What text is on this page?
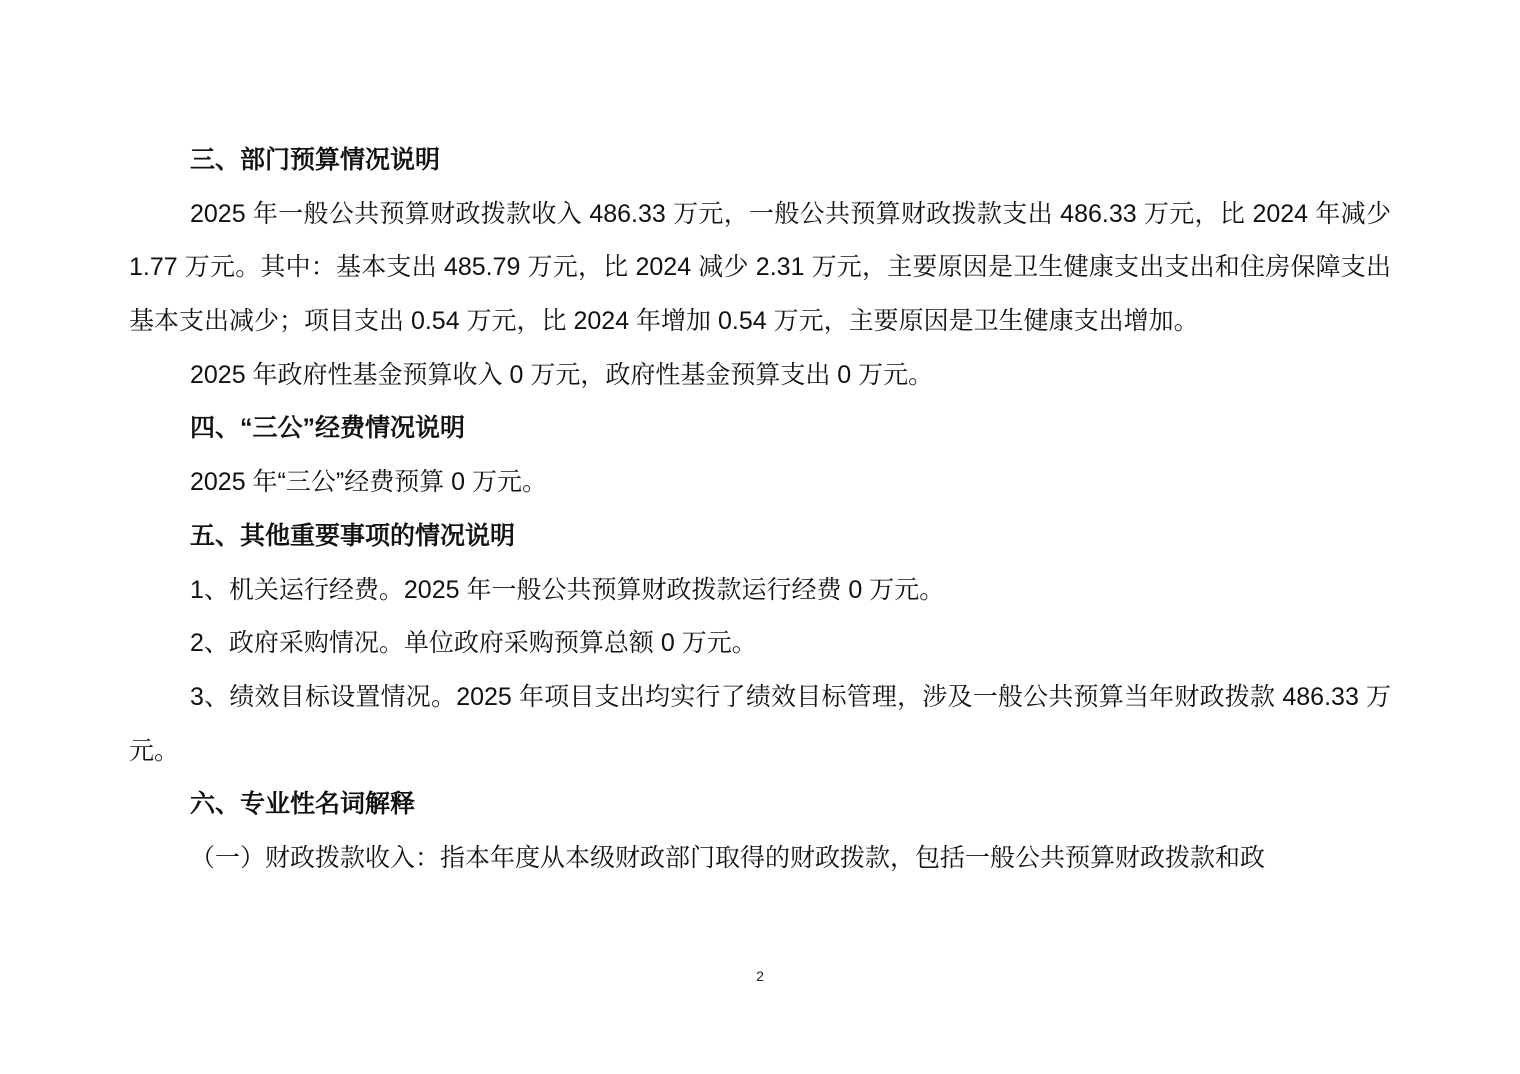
三、部门预算情况说明

2025 年一般公共预算财政拨款收入 486.33 万元，一般公共预算财政拨款支出 486.33 万元，比 2024 年减少 1.77 万元。其中：基本支出 485.79 万元，比 2024 减少 2.31 万元，主要原因是卫生健康支出支出和住房保障支出基本支出减少；项目支出 0.54 万元，比 2024 年增加 0.54 万元，主要原因是卫生健康支出增加。

2025 年政府性基金预算收入 0 万元，政府性基金预算支出 0 万元。
四、“三公”经费情况说明
2025 年“三公”经费预算 0 万元。
五、其他重要事项的情况说明
1、机关运行经费。2025 年一般公共预算财政拨款运行经费 0 万元。
2、政府采购情况。单位政府采购预算总额 0 万元。

3、绩效目标设置情况。2025 年项目支出均实行了绩效目标管理，涉及一般公共预算当年财政拨款 486.33 万元。

六、专业性名词解释
（一）财政拨款收入：指本年度从本级财政部门取得的财政拨款，包括一般公共预算财政拨款和政
2
